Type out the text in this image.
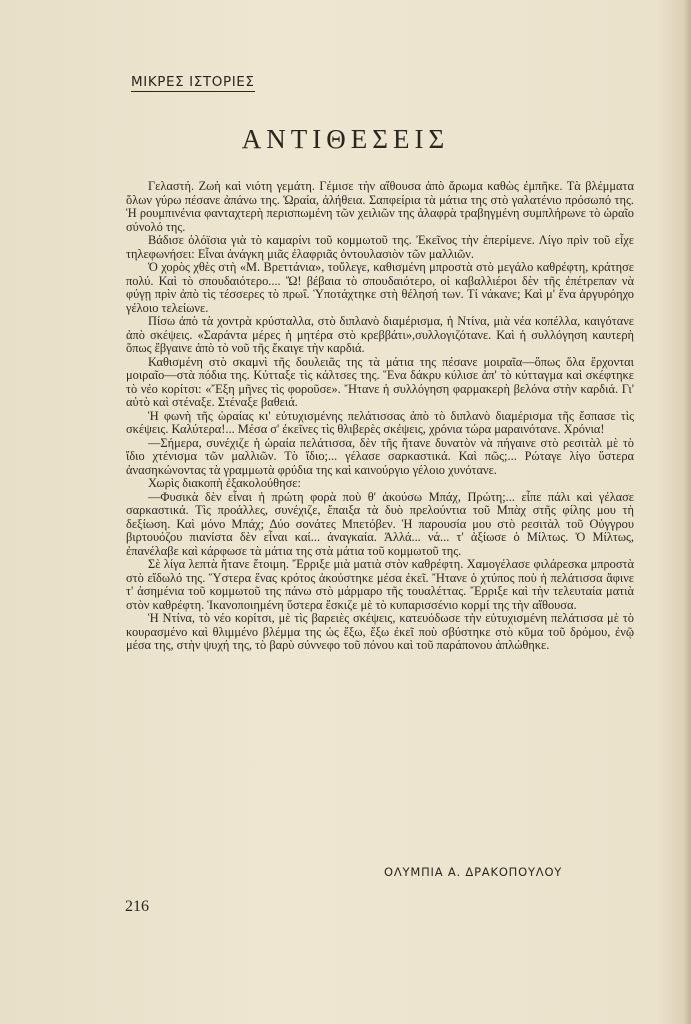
ΜΙΚΡΕΣ ΙΣΤΟΡΙΕΣ
ΑΝΤΙΘΕΣΕΙΣ

Γελαστή. Ζωὴ καὶ νιότη γεμάτη. Γέμισε τὴν αἴθουσα ἀπὸ ἄρωμα καθὼς ἐμπῆκε. Τὰ βλέμματα ὅλων γύρω πέσανε ἀπάνω της. Ὡραία, ἀλήθεια. Σαπφείρια τὰ μάτια της στὸ γαλατένιο πρόσωπό της. Ἡ ρουμπινένια φανταχτερὴ περισπωμένη τῶν χειλιῶν της ἀλαφρὰ τραβηγμένη συμπλήρωνε τὸ ὡραῖο σύνολό της.

Βάδισε ὁλόϊσια γιὰ τὸ καμαρίνι τοῦ κομμωτοῦ της. Ἐκεῖνος τὴν ἐπερίμενε. Λίγο πρὶν τοῦ εἶχε τηλεφωνήσει: Εἶναι ἀνάγκη μιᾶς ἐλαφριᾶς ὀντουλασιὸν τῶν μαλλιῶν.

Ὁ χορὸς χθὲς στὴ «Μ. Βρεττάνια», τοὔλεγε, καθισμένη μπροστὰ στὸ μεγάλο καθρέφτη, κράτησε πολύ. Καὶ τὸ σπουδαιότερο.... Ὤ! βέβαια τὸ σπουδαιότερο, οἱ καβαλλιέροι δὲν τῆς ἐπέτρεπαν νὰ φύγῃ πρὶν ἀπὸ τὶς τέσσερες τὸ πρωΐ. Ὑποτάχτηκε στὴ θέλησή των. Τί νάκανε; Καὶ μ' ἕνα ἀργυρόηχο γέλοιο τελείωνε.

Πίσω ἀπὸ τὰ χοντρὰ κρύσταλλα, στὸ διπλανὸ διαμέρισμα, ἡ Ντίνα, μιὰ νέα κοπέλλα, καιγότανε ἀπὸ σκέψεις. «Σαράντα μέρες ἡ μητέρα στὸ κρεββάτι»,συλλογιζότανε. Καὶ ἡ συλλόγηση καυτερὴ ὅπως ἔβγαινε ἀπὸ τὸ νοῦ τῆς ἔκαιγε τὴν καρδιά.

Καθισμένη στὸ σκαμνὶ τῆς δουλειᾶς της τὰ μάτια της πέσανε μοιραῖα—ὅπως ὅλα ἔρχονται μοιραῖο—στὰ πόδια της. Κύτταξε τὶς κάλτσες της. Ἕνα δάκρυ κύλισε ἀπ' τὸ κύτταγμα καὶ σκέφτηκε τὸ νέο κορίτσι: «Ἔξη μῆνες τὶς φοροῦσε». Ἤτανε ἡ συλλόγηση φαρμακερὴ βελόνα στὴν καρδιά. Γι' αὐτὸ καὶ στέναξε. Στέναξε βαθειά.

Ἡ φωνὴ τῆς ὡραίας κι' εὐτυχισμένης πελάτισσας ἀπὸ τὸ διπλανὸ διαμέρισμα τῆς ἔσπασε τὶς σκέψεις. Καλύτερα!... Μέσα σ' ἐκεῖνες τὶς θλιβερὲς σκέψεις, χρόνια τώρα μαραινότανε. Χρόνια!

—Σήμερα, συνέχιζε ἡ ὡραία πελάτισσα, δὲν τῆς ἤτανε δυνατὸν νὰ πήγαινε στὸ ρεσιτὰλ μὲ τὸ ἴδιο χτένισμα τῶν μαλλιῶν. Τὸ ἴδιο;... γέλασε σαρκαστικά. Καὶ πῶς;... Ρώταγε λίγο ὕστερα ἀνασηκώνοντας τὰ γραμμωτὰ φρύδια της καὶ καινούργιο γέλοιο χυνότανε.

Χωρὶς διακοπὴ ἐξακολούθησε:

—Φυσικὰ δὲν εἶναι ἡ πρώτη φορὰ ποὺ θ' ἀκούσω Μπάχ, Πρώτη;... εἶπε πάλι καὶ γέλασε σαρκαστικά. Τὶς προάλλες, συνέχιζε, ἔπαιξα τὰ δυὸ πρελούντια τοῦ Μπὰχ στῆς φίλης μου τὴ δεξίωση. Καὶ μόνο Μπάχ; Δύο σονάτες Μπετόβεν. Ἡ παρουσία μου στὸ ρεσιτὰλ τοῦ Οὐγγρου βιρτουόζου πιανίστα δὲν εἶναι καί... ἀναγκαία. Ἀλλά... νά... τ' ἀξίωσε ὁ Μίλτως. Ὁ Μίλτως, ἐπανέλαβε καὶ κάρφωσε τὰ μάτια της στὰ μάτια τοῦ κομμωτοῦ της.

Σὲ λίγα λεπτὰ ἤτανε ἕτοιμη. Ἔρριξε μιὰ ματιὰ στὸν καθρέφτη. Χαμογέλασε φιλάρεσκα μπροστὰ στὸ εἴδωλό της. Ὕστερα ἕνας κρότος ἀκούστηκε μέσα ἐκεῖ. Ἤτανε ὁ χτύπος ποὺ ἡ πελάτισσα ἄφινε τ' ἀσημένια τοῦ κομμωτοῦ της πάνω στὸ μάρμαρο τῆς τουαλέττας. Ἔρριξε καὶ τὴν τελευταία ματιὰ στὸν καθρέφτη. Ἱκανοποιημένη ὕστερα ἔσκιζε μὲ τὸ κυπαρισσένιο κορμί της τὴν αἴθουσα.

Ἡ Ντίνα, τὸ νέο κορίτσι, μὲ τὶς βαρειὲς σκέψεις, κατευόδωσε τὴν εὐτυχισμένη πελάτισσα μὲ τὸ κουρασμένο καὶ θλιμμένο βλέμμα της ὡς ἔξω, ἔξω ἐκεῖ ποὺ σβύστηκε στὸ κῦμα τοῦ δρόμου, ἐνῷ μέσα της, στὴν ψυχή της, τὸ βαρὺ σύννεφο τοῦ πόνου καὶ τοῦ παράπονου ἁπλώθηκε.

ΟΛΥΜΠΙΑ Α. ΔΡΑΚΟΠΟΥΛΟΥ
216
